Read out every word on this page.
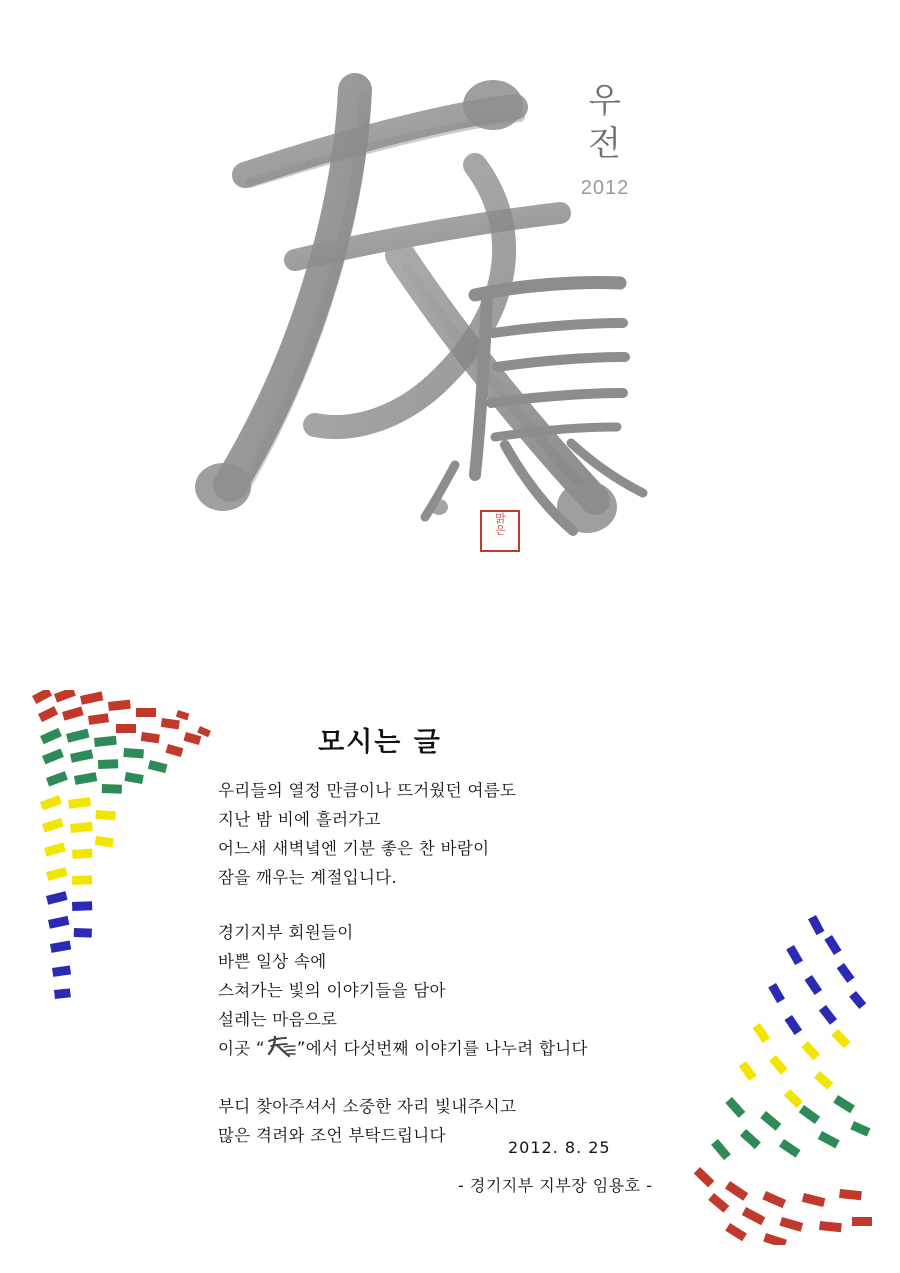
우
전
2012
맑
은
모시는 글

우리들의 열정 만큼이나 뜨거웠던 여름도

지난 밤 비에 흘러가고

어느새 새벽녘엔 기분 좋은 찬 바람이

잠을 깨우는 계절입니다.

경기지부 회원들이

바쁜 일상 속에

스쳐가는 빛의 이야기들을 담아

설레는 마음으로

이곳 “ ”에서 다섯번째 이야기를 나누려 합니다

부디 찾아주셔서 소중한 자리 빛내주시고

많은 격려와 조언 부탁드립니다

2012. 8. 25
- 경기지부 지부장 임용호 -
